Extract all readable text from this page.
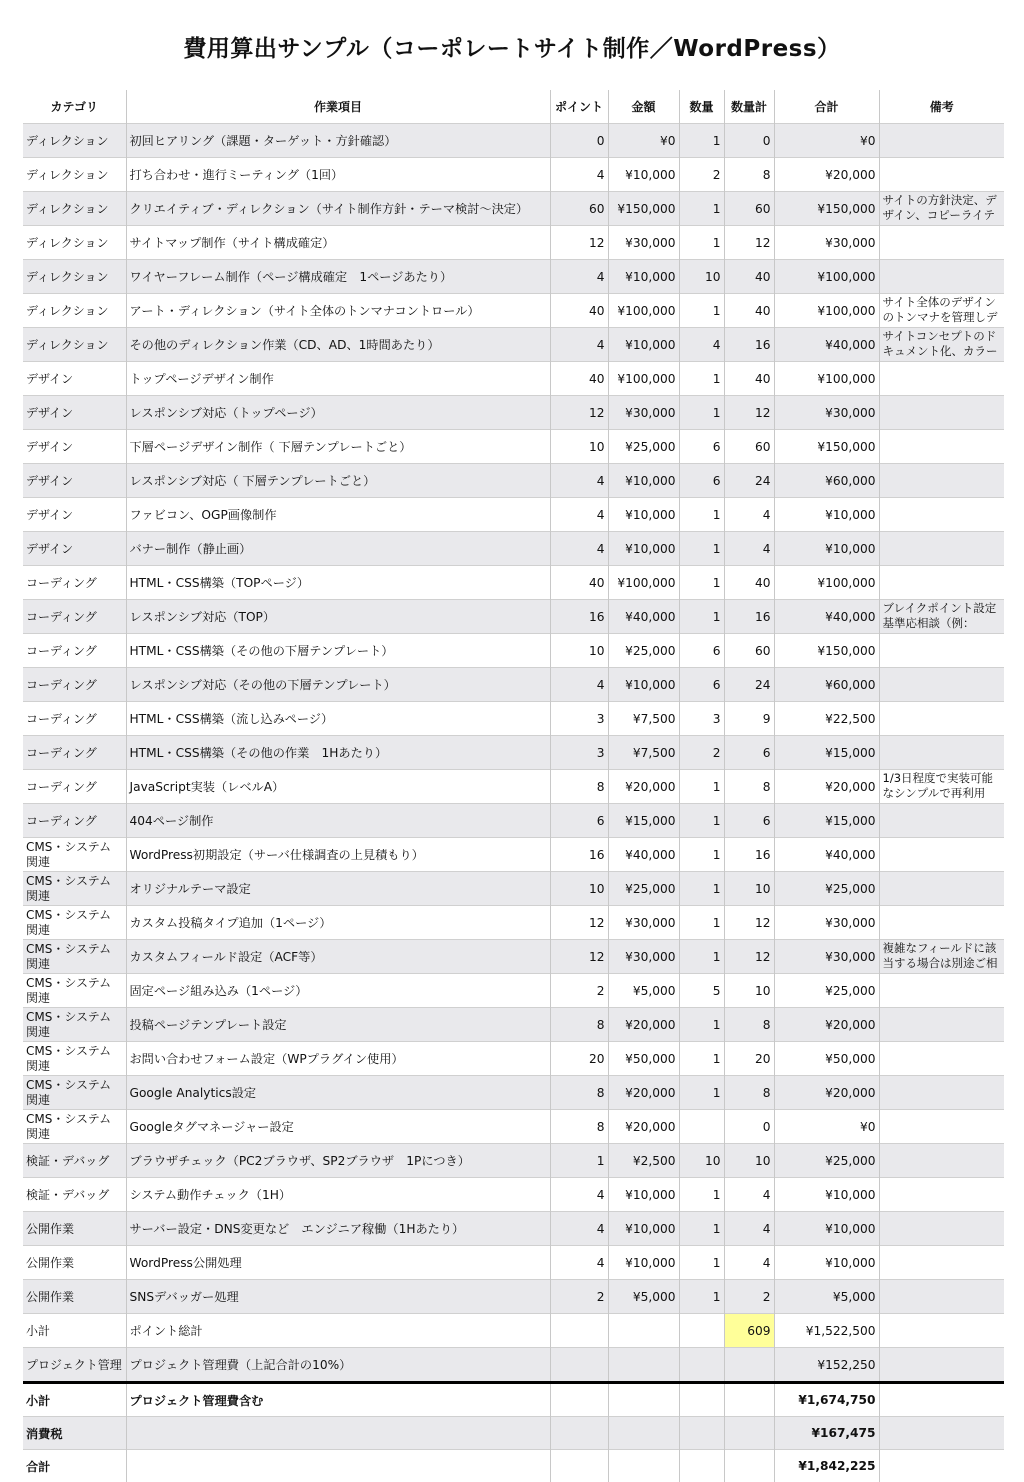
費用算出サンプル（コーポレートサイト制作／WordPress）
カテゴリ	作業項目	ポイント	金額	数量	数量計	合計	備考
ディレクション	初回ヒアリング（課題・ターゲット・方針確認）	0	¥0	1	0	¥0	
ディレクション	打ち合わせ・進行ミーティング（1回）	4	¥10,000	2	8	¥20,000	
ディレクション	クリエイティブ・ディレクション（サイト制作方針・テーマ検討〜決定）	60	¥150,000	1	60	¥150,000	サイトの方針決定、デザイン、コピーライテ
ディレクション	サイトマップ制作（サイト構成確定）	12	¥30,000	1	12	¥30,000	
ディレクション	ワイヤーフレーム制作（ページ構成確定　1ページあたり）	4	¥10,000	10	40	¥100,000	
ディレクション	アート・ディレクション（サイト全体のトンマナコントロール）	40	¥100,000	1	40	¥100,000	サイト全体のデザインのトンマナを管理しデ
ディレクション	その他のディレクション作業（CD、AD、1時間あたり）	4	¥10,000	4	16	¥40,000	サイトコンセプトのドキュメント化、カラー
デザイン	トップページデザイン制作	40	¥100,000	1	40	¥100,000	
デザイン	レスポンシブ対応（トップページ）	12	¥30,000	1	12	¥30,000	
デザイン	下層ページデザイン制作（ 下層テンプレートごと）	10	¥25,000	6	60	¥150,000	
デザイン	レスポンシブ対応（ 下層テンプレートごと）	4	¥10,000	6	24	¥60,000	
デザイン	ファビコン、OGP画像制作	4	¥10,000	1	4	¥10,000	
デザイン	バナー制作（静止画）	4	¥10,000	1	4	¥10,000	
コーディング	HTML・CSS構築（TOPページ）	40	¥100,000	1	40	¥100,000	
コーディング	レスポンシブ対応（TOP）	16	¥40,000	1	16	¥40,000	ブレイクポイント設定基準応相談（例：
コーディング	HTML・CSS構築（その他の下層テンプレート）	10	¥25,000	6	60	¥150,000	
コーディング	レスポンシブ対応（その他の下層テンプレート）	4	¥10,000	6	24	¥60,000	
コーディング	HTML・CSS構築（流し込みページ）	3	¥7,500	3	9	¥22,500	
コーディング	HTML・CSS構築（その他の作業　1Hあたり）	3	¥7,500	2	6	¥15,000	
コーディング	JavaScript実装（レベルA）	8	¥20,000	1	8	¥20,000	1/3日程度で実装可能なシンプルで再利用
コーディング	404ページ制作	6	¥15,000	1	6	¥15,000	
CMS・システム関連	WordPress初期設定（サーバ仕様調査の上見積もり）	16	¥40,000	1	16	¥40,000	
CMS・システム関連	オリジナルテーマ設定	10	¥25,000	1	10	¥25,000	
CMS・システム関連	カスタム投稿タイプ追加（1ページ）	12	¥30,000	1	12	¥30,000	
CMS・システム関連	カスタムフィールド設定（ACF等）	12	¥30,000	1	12	¥30,000	複雑なフィールドに該当する場合は別途ご相
CMS・システム関連	固定ページ組み込み（1ページ）	2	¥5,000	5	10	¥25,000	
CMS・システム関連	投稿ページテンプレート設定	8	¥20,000	1	8	¥20,000	
CMS・システム関連	お問い合わせフォーム設定（WPプラグイン使用）	20	¥50,000	1	20	¥50,000	
CMS・システム関連	Google Analytics設定	8	¥20,000	1	8	¥20,000	
CMS・システム関連	Googleタグマネージャー設定	8	¥20,000		0	¥0	
検証・デバッグ	ブラウザチェック（PC2ブラウザ、SP2ブラウザ　1Pにつき）	1	¥2,500	10	10	¥25,000	
検証・デバッグ	システム動作チェック（1H）	4	¥10,000	1	4	¥10,000	
公開作業	サーバー設定・DNS変更など　エンジニア稼働（1Hあたり）	4	¥10,000	1	4	¥10,000	
公開作業	WordPress公開処理	4	¥10,000	1	4	¥10,000	
公開作業	SNSデバッガー処理	2	¥5,000	1	2	¥5,000	
小計	ポイント総計				609	¥1,522,500	
プロジェクト管理	プロジェクト管理費（上記合計の10%）					¥152,250	
小計	プロジェクト管理費含む					¥1,674,750	
消費税						¥167,475	
合計						¥1,842,225	
